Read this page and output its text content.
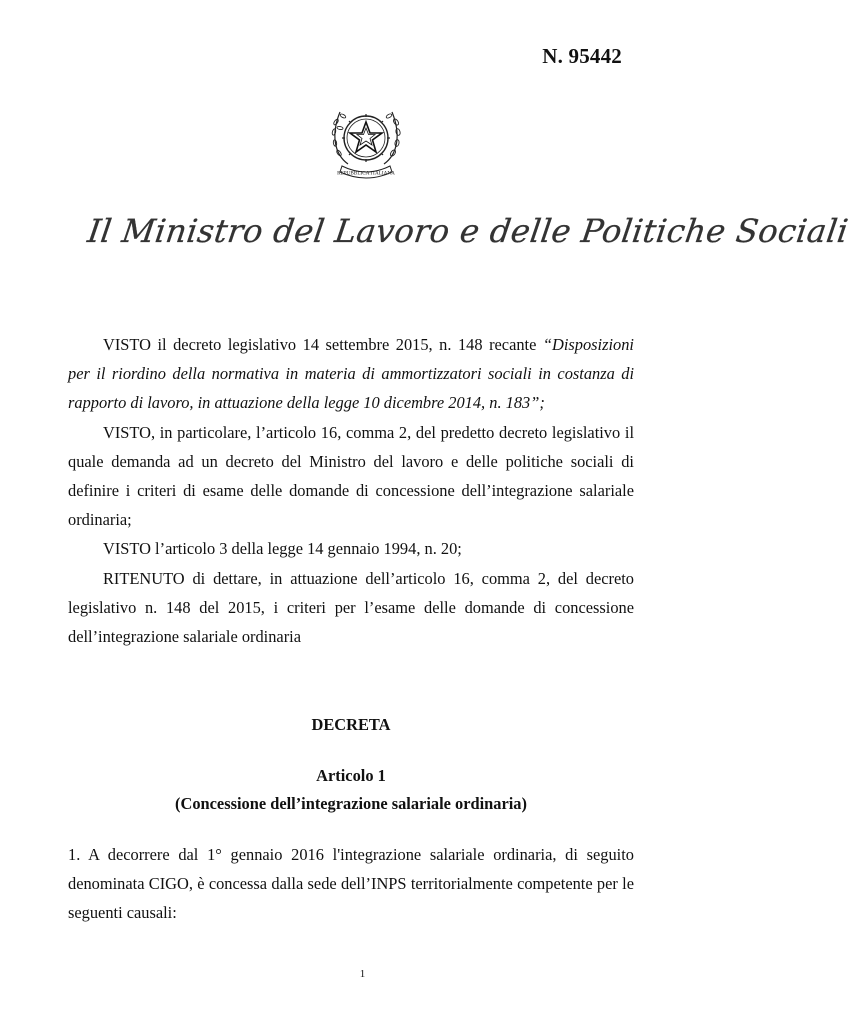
N. 95442
REPUBBLICA ITALIANA
Il Ministro del Lavoro e delle Politiche Sociali

VISTO il decreto legislativo 14 settembre 2015, n. 148 recante “Disposizioni per il riordino della normativa in materia di ammortizzatori sociali in costanza di rapporto di lavoro, in attuazione della legge 10 dicembre 2014, n. 183”;

VISTO, in particolare, l’articolo 16, comma 2, del predetto decreto legislativo il quale demanda ad un decreto del Ministro del lavoro e delle politiche sociali di definire i criteri di esame delle domande di concessione dell’integrazione salariale ordinaria;

VISTO l’articolo 3 della legge 14 gennaio 1994, n. 20;

RITENUTO di dettare, in attuazione dell’articolo 16, comma 2, del decreto legislativo n. 148 del 2015, i criteri per l’esame delle domande di concessione dell’integrazione salariale ordinaria

DECRETA
Articolo 1
(Concessione dell’integrazione salariale ordinaria)
1. A decorrere dal 1° gennaio 2016 l'integrazione salariale ordinaria, di seguito denominata CIGO, è concessa dalla sede dell’INPS territorialmente competente per le seguenti causali:
1
